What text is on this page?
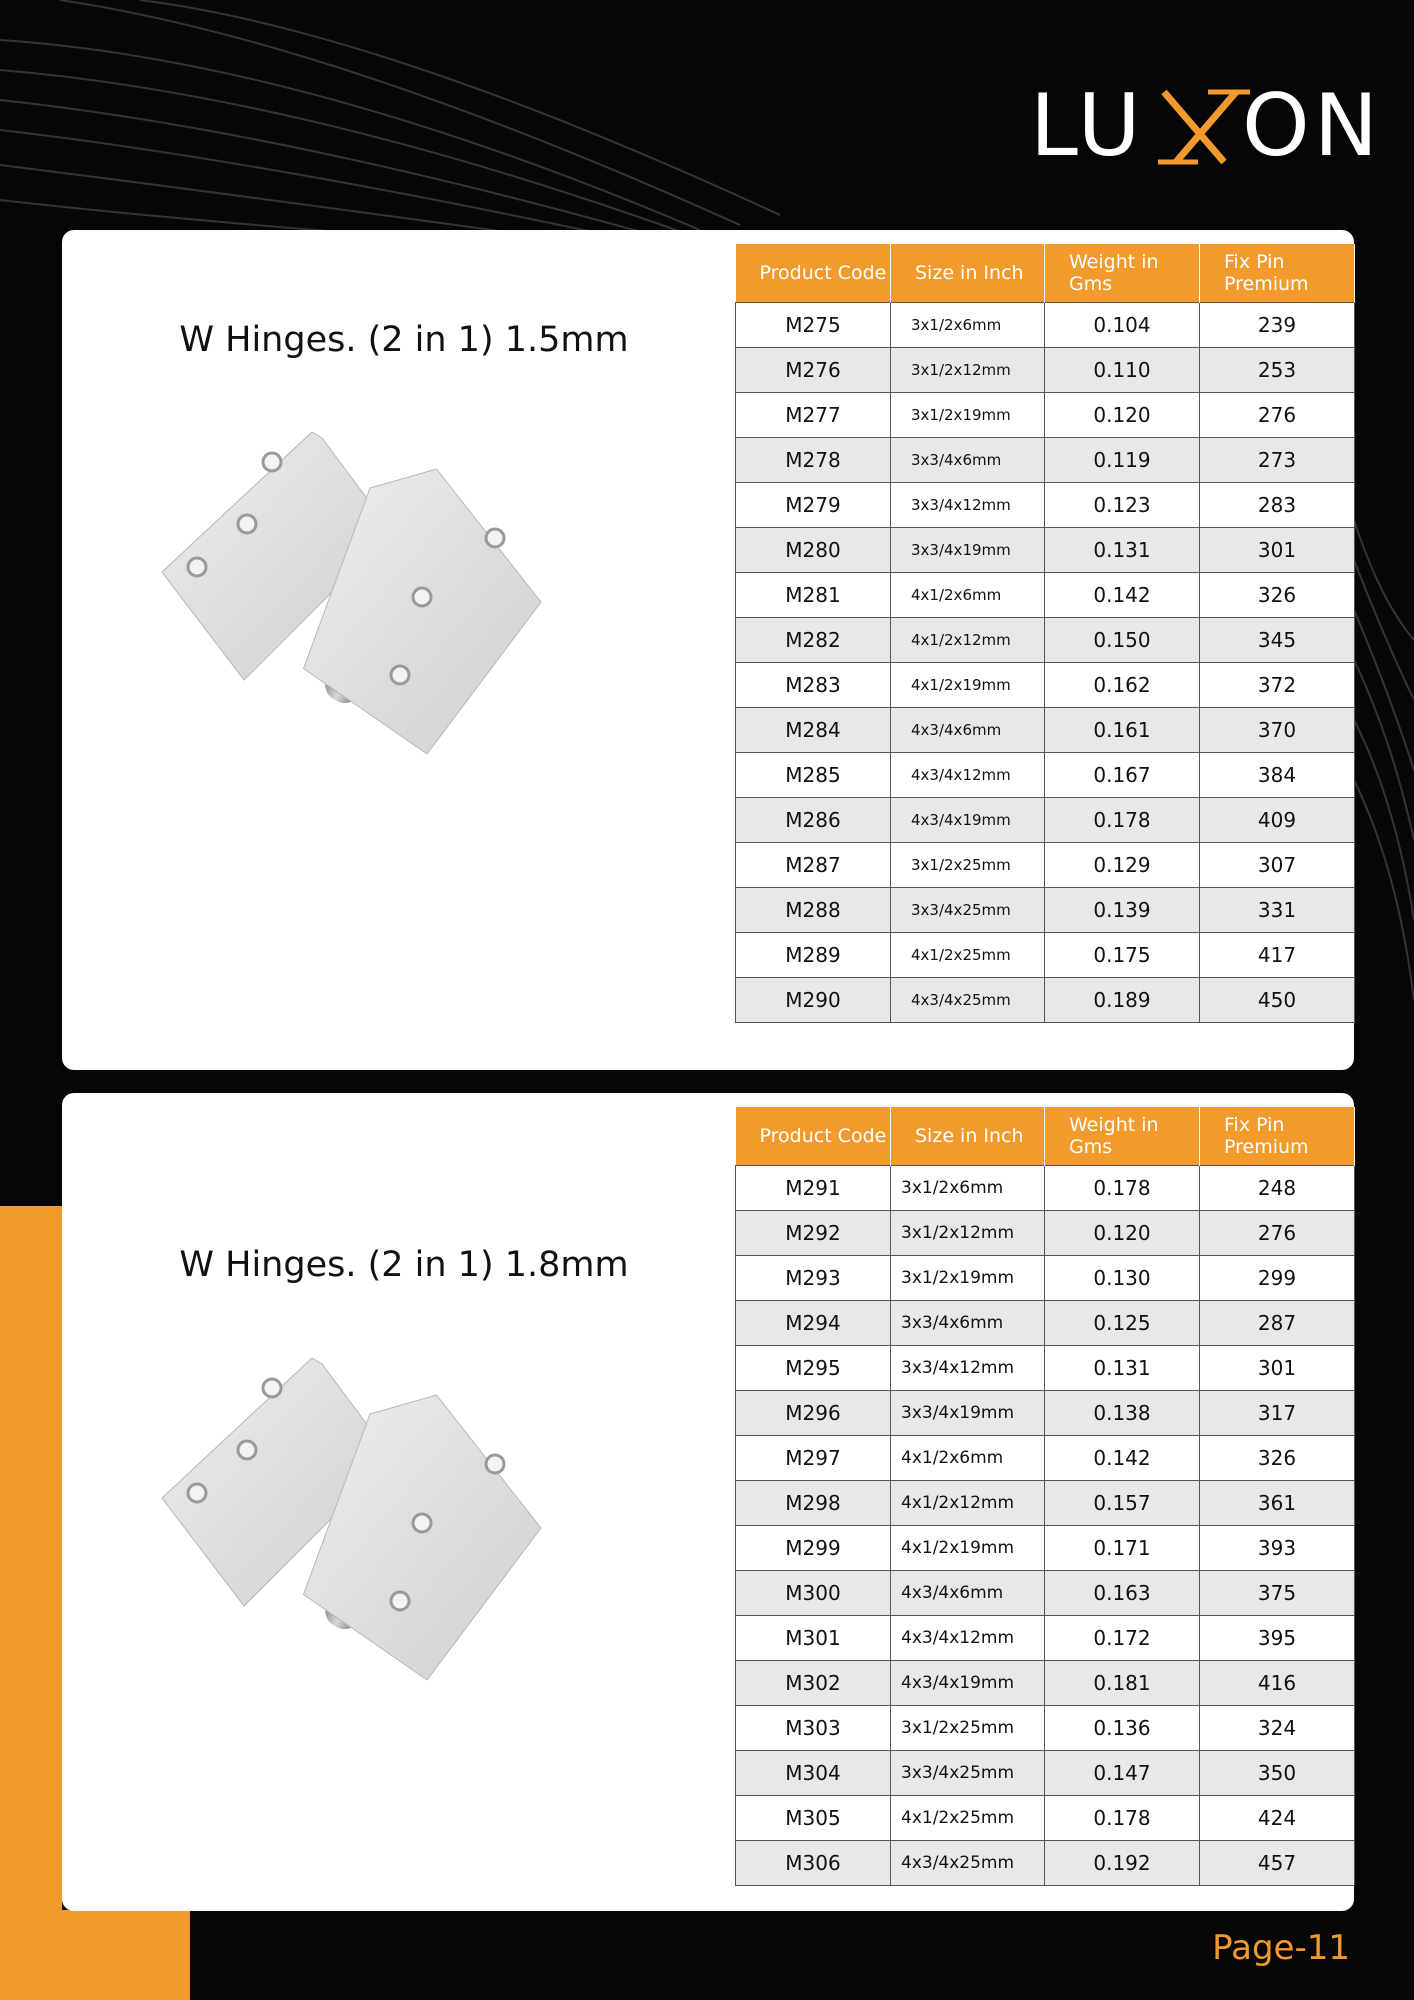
LU ON
W Hinges. (2 in 1) 1.5mm
Product Code	Size in Inch	Weight in Gms	Fix Pin Premium
M275	3x1/2x6mm	0.104	239
M276	3x1/2x12mm	0.110	253
M277	3x1/2x19mm	0.120	276
M278	3x3/4x6mm	0.119	273
M279	3x3/4x12mm	0.123	283
M280	3x3/4x19mm	0.131	301
M281	4x1/2x6mm	0.142	326
M282	4x1/2x12mm	0.150	345
M283	4x1/2x19mm	0.162	372
M284	4x3/4x6mm	0.161	370
M285	4x3/4x12mm	0.167	384
M286	4x3/4x19mm	0.178	409
M287	3x1/2x25mm	0.129	307
M288	3x3/4x25mm	0.139	331
M289	4x1/2x25mm	0.175	417
M290	4x3/4x25mm	0.189	450
W Hinges. (2 in 1) 1.8mm
Product Code	Size in Inch	Weight in Gms	Fix Pin Premium
M291	3x1/2x6mm	0.178	248
M292	3x1/2x12mm	0.120	276
M293	3x1/2x19mm	0.130	299
M294	3x3/4x6mm	0.125	287
M295	3x3/4x12mm	0.131	301
M296	3x3/4x19mm	0.138	317
M297	4x1/2x6mm	0.142	326
M298	4x1/2x12mm	0.157	361
M299	4x1/2x19mm	0.171	393
M300	4x3/4x6mm	0.163	375
M301	4x3/4x12mm	0.172	395
M302	4x3/4x19mm	0.181	416
M303	3x1/2x25mm	0.136	324
M304	3x3/4x25mm	0.147	350
M305	4x1/2x25mm	0.178	424
M306	4x3/4x25mm	0.192	457
Page-11
